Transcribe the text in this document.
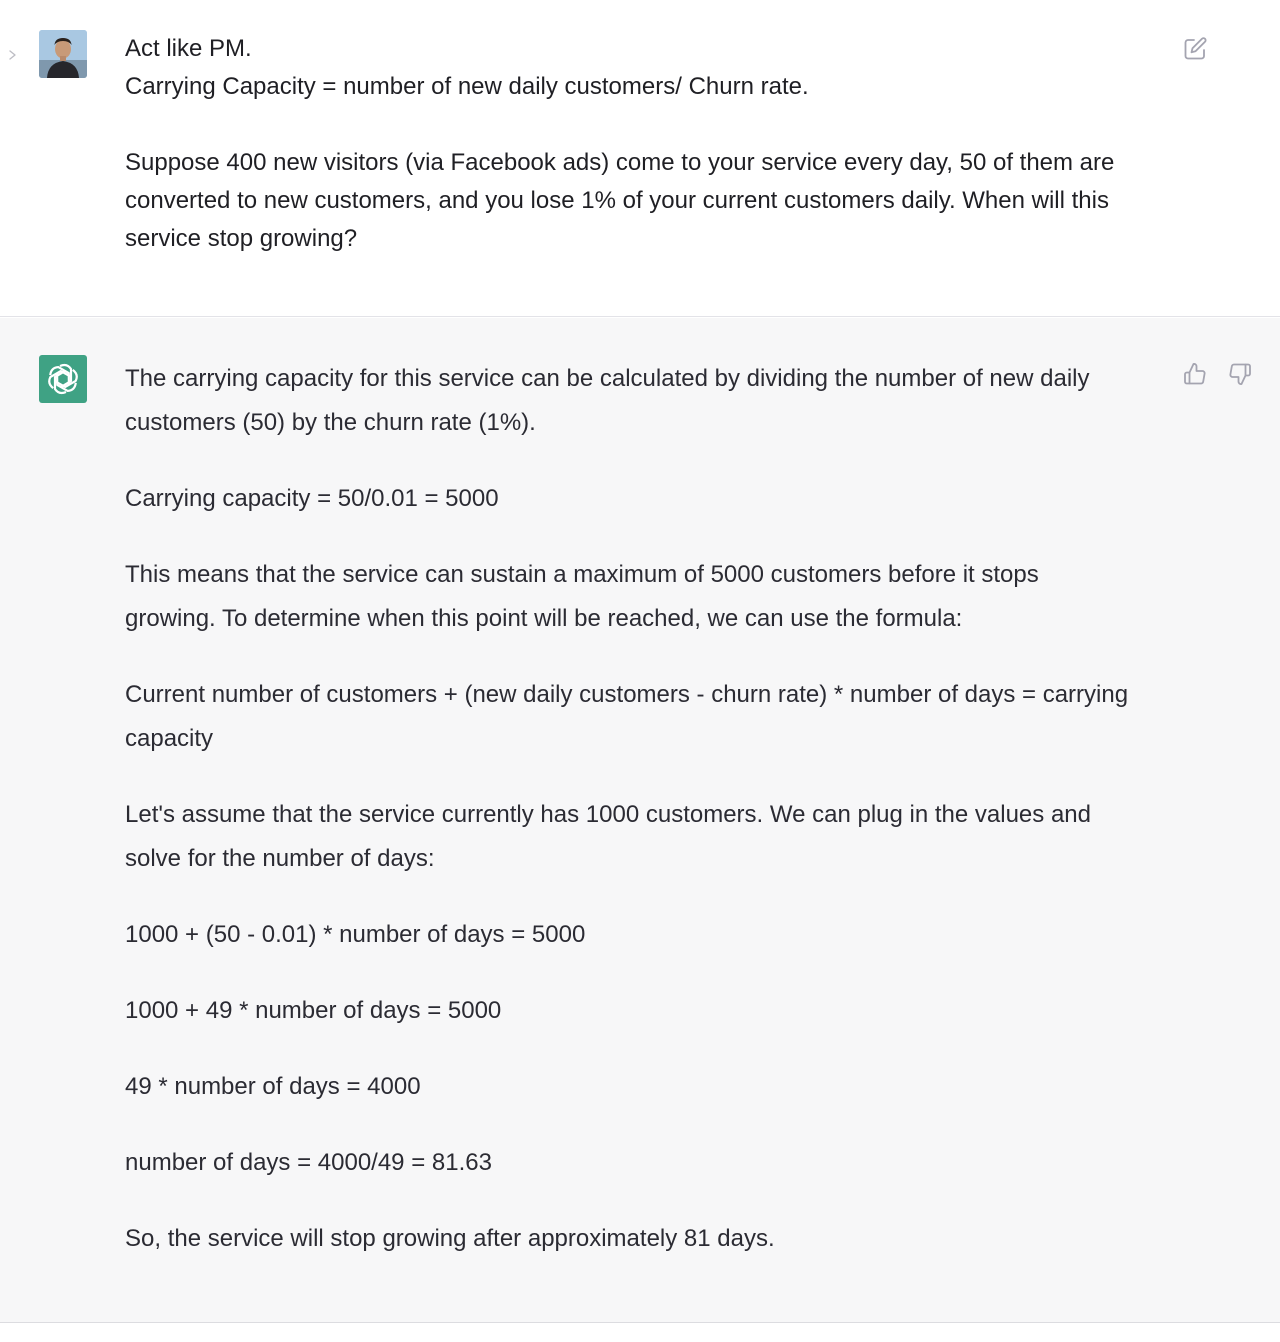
Act like PM.

Carrying Capacity = number of new daily customers/ Churn rate.

Suppose 400 new visitors (via Facebook ads) come to your service every day, 50 of them are converted to new customers, and you lose 1% of your current customers daily. When will this service stop growing?

The carrying capacity for this service can be calculated by dividing the number of new daily customers (50) by the churn rate (1%).

Carrying capacity = 50/0.01 = 5000

This means that the service can sustain a maximum of 5000 customers before it stops growing. To determine when this point will be reached, we can use the formula:

Current number of customers + (new daily customers - churn rate) * number of days = carrying capacity

Let's assume that the service currently has 1000 customers. We can plug in the values and solve for the number of days:

1000 + (50 - 0.01) * number of days = 5000

1000 + 49 * number of days = 5000

49 * number of days = 4000

number of days = 4000/49 = 81.63

So, the service will stop growing after approximately 81 days.
